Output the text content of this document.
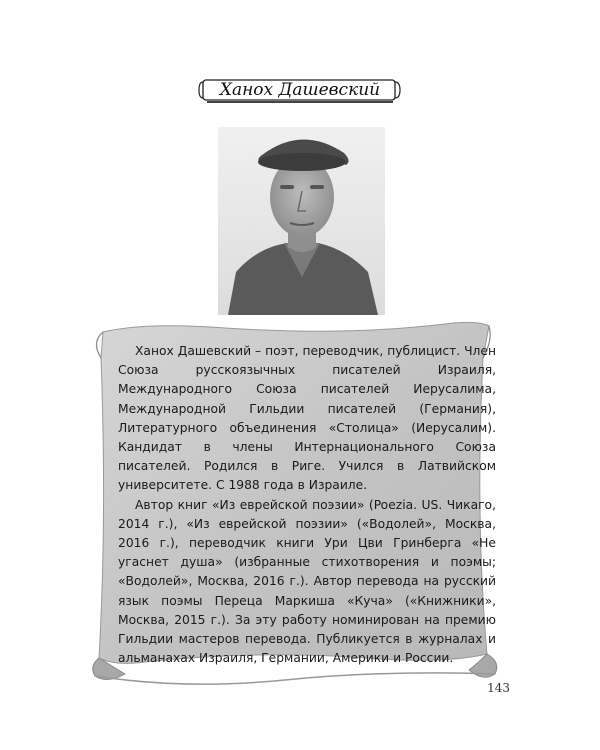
Ханох Дашевский

Ханох Дашевский – поэт, переводчик, публицист. Член Союза русскоязычных писателей Израиля, Международного Союза писателей Иерусалима, Международной Гильдии писателей (Германия), Литературного объединения «Столица» (Иерусалим). Кандидат в члены Интернационального Союза писателей. Родился в Риге. Учился в Латвийском университете. С 1988 года в Израиле.

Автор книг «Из еврейской поэзии» (Poezia. US. Чикаго, 2014 г.), «Из еврейской поэзии» («Водолей», Москва, 2016 г.), переводчик книги Ури Цви Гринберга «Не угаснет душа» (избранные стихотворения и поэмы; «Водолей», Москва, 2016 г.). Автор перевода на русский язык поэмы Переца Маркиша «Куча» («Книжники», Москва, 2015 г.). За эту работу номинирован на премию Гильдии мастеров перевода. Публикуется в журналах и альманахах Израиля, Германии, Америки и России.

143
